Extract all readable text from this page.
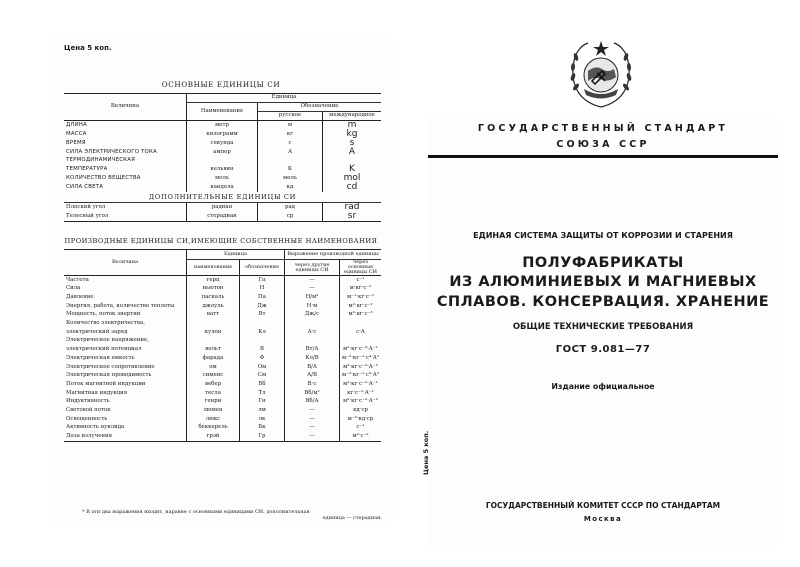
Цена 5 коп.
ОСНОВНЫЕ ЕДИНИЦЫ СИ
Величина	Единица		
	Наименование	Обозначение	
		русское	международное
ДЛИНА	метр	м	m
МАССА	килограмм	кг	kg
ВРЕМЯ	секунда	с	s
СИЛА ЭЛЕКТРИЧЕСКОГО ТОКА	ампер	А	A
ТЕРМОДИНАМИЧЕСКАЯ			
ТЕМПЕРАТУРА	кельвин	К	K
КОЛИЧЕСТВО ВЕЩЕСТВА	моль	моль	mol
СИЛА СВЕТА	кандела	кд	cd
ДОПОЛНИТЕЛЬНЫЕ ЕДИНИЦЫ СИ			
Плоский угол	радиан	рад	rad
Телесный угол	стерадиан	ср	sr
ПРОИЗВОДНЫЕ ЕДИНИЦЫ СИ,ИМЕЮЩИЕ СОБСТВЕННЫЕ НАИМЕНОВАНИЯ
Величина	Единица		Выражение производной единицы	
	наименование	обозначение	через другие единицы СИ	через основные единицы СИ
Частота	герц	Гц	—	с⁻¹
Сила	ньютон	Н	—	м·кг·с⁻²
Давление	паскаль	Па	Н/м²	м⁻¹·кг·с⁻²
Энергия, работа, количество теплоты	джоуль	Дж	Н·м	м²·кг·с⁻²
Мощность, поток энергии	ватт	Вт	Дж/с	м²·кг·с⁻³
Количество электричества,				
электрический заряд	кулон	Кл	А·с	с·А
Электрическое напряжение,				
электрический потенциал	вольт	В	Вт/А	м²·кг·с⁻³·А⁻¹
Электрическая емкость	фарада	Ф	Кл/В	м⁻²·кг⁻¹·с⁴·А²
Электрическое сопротивление	ом	Ом	В/А	м²·кг·с⁻³·А⁻²
Электрическая проводимость	сименс	См	А/В	м⁻²·кг⁻¹·с³·А²
Поток магнитной индукции	вебер	Вб	В·с	м²·кг·с⁻²·А⁻¹
Магнитная индукция	тесла	Тл	Вб/м²	кг·с⁻²·А⁻¹
Индуктивность	генри	Гн	Вб/А	м²·кг·с⁻²·А⁻²
Световой поток	люмен	лм	—	кд·ср
Освещенность	люкс	лк	—	м⁻²·кд·ср
Активность нуклида	беккерель	Бк	—	с⁻¹
Доза излучения	грэй	Гр	—	м²·с⁻²
* В эти два выражения входит, наравне с основными единицами СИ, дополнительная
единица — стерадиан.
ГОСУДАРСТВЕННЫЙ СТАНДАРТ
СОЮЗА ССР
ЕДИНАЯ СИСТЕМА ЗАЩИТЫ ОТ КОРРОЗИИ И СТАРЕНИЯ
ПОЛУФАБРИКАТЫ
ИЗ АЛЮМИНИЕВЫХ И МАГНИЕВЫХ
СПЛАВОВ. КОНСЕРВАЦИЯ. ХРАНЕНИЕ
ОБЩИЕ ТЕХНИЧЕСКИЕ ТРЕБОВАНИЯ
ГОСТ 9.081—77
Издание официальное
Цена 5 коп.
ГОСУДАРСТВЕННЫЙ КОМИТЕТ СССР ПО СТАНДАРТАМ
Москва
